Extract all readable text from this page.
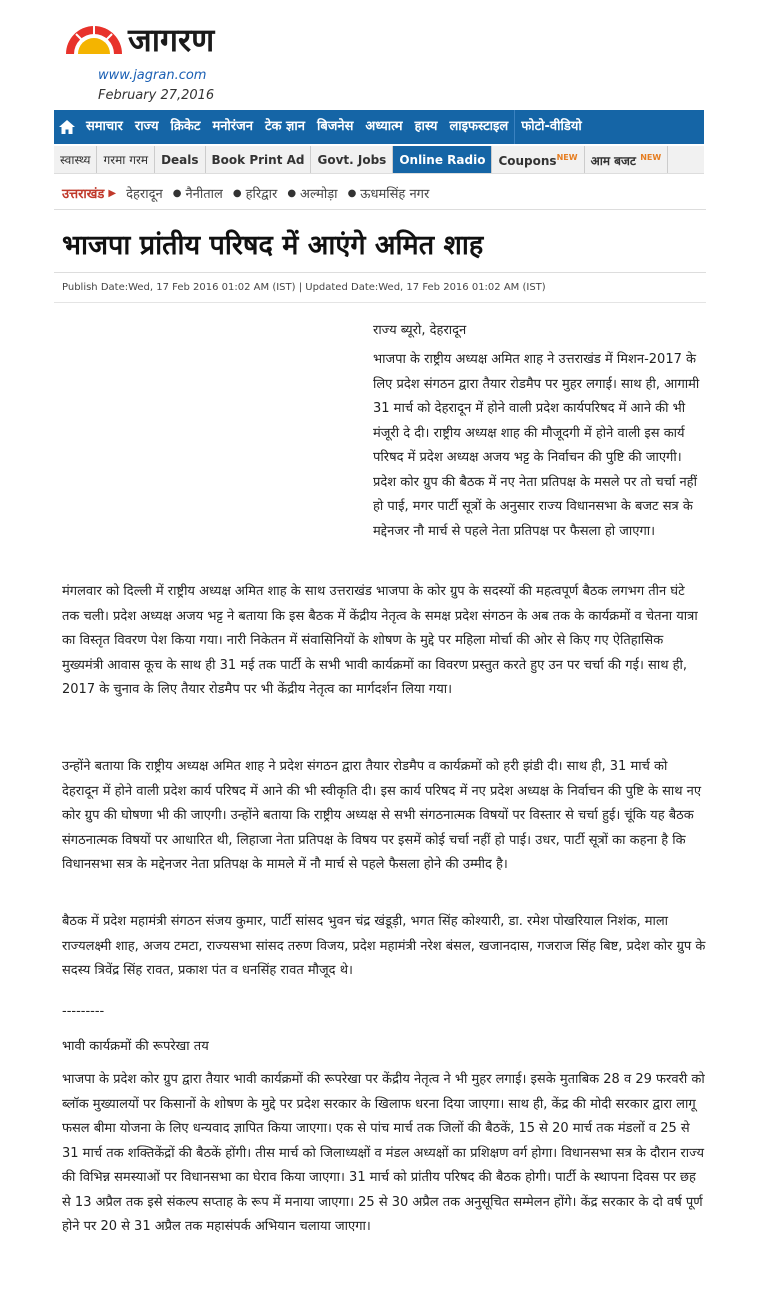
जागरण
www.jagran.com
February 27,2016
समाचार राज्य क्रिकेट मनोरंजन टेक ज्ञान बिजनेस अध्यात्म हास्य लाइफस्टाइल	फोटो-वीडियो
स्वास्थ्य	गरमा गरम	Deals	Book Print Ad	Govt. Jobs	Online Radio	Coupons$^{NEW}$	आम बजट $^{NEW}$
उत्तराखंड ▶ देहरादून ● नैनीताल ● हरिद्वार ● अल्मोड़ा ● ऊधमसिंह नगर
भाजपा प्रांतीय परिषद में आएंगे अमित शाह
Publish Date:Wed, 17 Feb 2016 01:02 AM (IST) | Updated Date:Wed, 17 Feb 2016 01:02 AM (IST)
राज्य ब्यूरो, देहरादून

भाजपा के राष्ट्रीय अध्यक्ष अमित शाह ने उत्तराखंड में मिशन-2017 के लिए प्रदेश संगठन द्वारा तैयार रोडमैप पर मुहर लगाई। साथ ही, आगामी 31 मार्च को देहरादून में होने वाली प्रदेश कार्यपरिषद में आने की भी मंजूरी दे दी। राष्ट्रीय अध्यक्ष शाह की मौजूदगी में होने वाली इस कार्य परिषद में प्रदेश अध्यक्ष अजय भट्ट के निर्वाचन की पुष्टि की जाएगी। प्रदेश कोर ग्रुप की बैठक में नए नेता प्रतिपक्ष के मसले पर तो चर्चा नहीं हो पाई, मगर पार्टी सूत्रों के अनुसार राज्य विधानसभा के बजट सत्र के मद्देनजर नौ मार्च से पहले नेता प्रतिपक्ष पर फैसला हो जाएगा।

मंगलवार को दिल्ली में राष्ट्रीय अध्यक्ष अमित शाह के साथ उत्तराखंड भाजपा के कोर ग्रुप के सदस्यों की महत्वपूर्ण बैठक लगभग तीन घंटे तक चली। प्रदेश अध्यक्ष अजय भट्ट ने बताया कि इस बैठक में केंद्रीय नेतृत्व के समक्ष प्रदेश संगठन के अब तक के कार्यक्रमों व चेतना यात्रा का विस्तृत विवरण पेश किया गया। नारी निकेतन में संवासिनियों के शोषण के मुद्दे पर महिला मोर्चा की ओर से किए गए ऐतिहासिक मुख्यमंत्री आवास कूच के साथ ही 31 मई तक पार्टी के सभी भावी कार्यक्रमों का विवरण प्रस्तुत करते हुए उन पर चर्चा की गई। साथ ही, 2017 के चुनाव के लिए तैयार रोडमैप पर भी केंद्रीय नेतृत्व का मार्गदर्शन लिया गया।

उन्होंने बताया कि राष्ट्रीय अध्यक्ष अमित शाह ने प्रदेश संगठन द्वारा तैयार रोडमैप व कार्यक्रमों को हरी झंडी दी। साथ ही, 31 मार्च को देहरादून में होने वाली प्रदेश कार्य परिषद में आने की भी स्वीकृति दी। इस कार्य परिषद में नए प्रदेश अध्यक्ष के निर्वाचन की पुष्टि के साथ नए कोर ग्रुप की घोषणा भी की जाएगी। उन्होंने बताया कि राष्ट्रीय अध्यक्ष से सभी संगठनात्मक विषयों पर विस्तार से चर्चा हुई। चूंकि यह बैठक संगठनात्मक विषयों पर आधारित थी, लिहाजा नेता प्रतिपक्ष के विषय पर इसमें कोई चर्चा नहीं हो पाई। उधर, पार्टी सूत्रों का कहना है कि विधानसभा सत्र के मद्देनजर नेता प्रतिपक्ष के मामले में नौ मार्च से पहले फैसला होने की उम्मीद है।

बैठक में प्रदेश महामंत्री संगठन संजय कुमार, पार्टी सांसद भुवन चंद्र खंडूड़ी, भगत सिंह कोश्यारी, डा. रमेश पोखरियाल निशंक, माला राज्यलक्ष्मी शाह, अजय टमटा, राज्यसभा सांसद तरुण विजय, प्रदेश महामंत्री नरेश बंसल, खजानदास, गजराज सिंह बिष्ट, प्रदेश कोर ग्रुप के सदस्य त्रिवेंद्र सिंह रावत, प्रकाश पंत व धनसिंह रावत मौजूद थे।

---------
भावी कार्यक्रमों की रूपरेखा तय

भाजपा के प्रदेश कोर ग्रुप द्वारा तैयार भावी कार्यक्रमों की रूपरेखा पर केंद्रीय नेतृत्व ने भी मुहर लगाई। इसके मुताबिक 28 व 29 फरवरी को ब्लॉक मुख्यालयों पर किसानों के शोषण के मुद्दे पर प्रदेश सरकार के खिलाफ धरना दिया जाएगा। साथ ही, केंद्र की मोदी सरकार द्वारा लागू फसल बीमा योजना के लिए धन्यवाद ज्ञापित किया जाएगा। एक से पांच मार्च तक जिलों की बैठकें, 15 से 20 मार्च तक मंडलों व 25 से 31 मार्च तक शक्तिकेंद्रों की बैठकें होंगी। तीस मार्च को जिलाध्यक्षों व मंडल अध्यक्षों का प्रशिक्षण वर्ग होगा। विधानसभा सत्र के दौरान राज्य की विभिन्न समस्याओं पर विधानसभा का घेराव किया जाएगा। 31 मार्च को प्रांतीय परिषद की बैठक होगी। पार्टी के स्थापना दिवस पर छह से 13 अप्रैल तक इसे संकल्प सप्ताह के रूप में मनाया जाएगा। 25 से 30 अप्रैल तक अनुसूचित सम्मेलन होंगे। केंद्र सरकार के दो वर्ष पूर्ण होने पर 20 से 31 अप्रैल तक महासंपर्क अभियान चलाया जाएगा।
